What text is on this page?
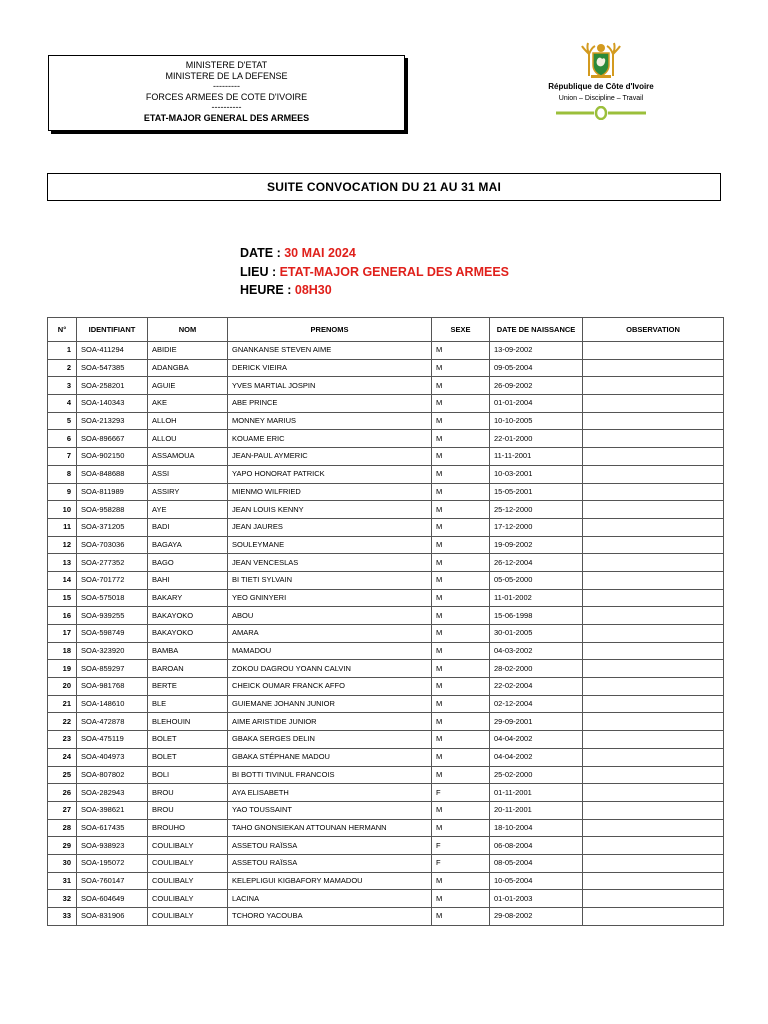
MINISTERE D'ETAT
MINISTERE DE LA DEFENSE
---------
FORCES ARMEES DE COTE D'IVOIRE
----------
ETAT-MAJOR GENERAL DES ARMEES
République de Côte d'Ivoire
Union – Discipline – Travail
SUITE CONVOCATION DU 21 AU 31 MAI
DATE : 30 MAI 2024
LIEU : ETAT-MAJOR GENERAL DES ARMEES
HEURE : 08H30
N°	IDENTIFIANT	NOM	PRENOMS	SEXE	DATE DE NAISSANCE	OBSERVATION
1	SOA-411294	ABIDIE	GNANKANSE STEVEN AIME	M	13-09-2002	
2	SOA-547385	ADANGBA	DERICK VIEIRA	M	09-05-2004	
3	SOA-258201	AGUIE	YVES MARTIAL JOSPIN	M	26-09-2002	
4	SOA-140343	AKE	ABE PRINCE	M	01-01-2004	
5	SOA-213293	ALLOH	MONNEY MARIUS	M	10-10-2005	
6	SOA-896667	ALLOU	KOUAME ERIC	M	22-01-2000	
7	SOA-902150	ASSAMOUA	JEAN-PAUL AYMERIC	M	11-11-2001	
8	SOA-848688	ASSI	YAPO HONORAT PATRICK	M	10-03-2001	
9	SOA-811989	ASSIRY	MIENMO WILFRIED	M	15-05-2001	
10	SOA-958288	AYE	JEAN LOUIS KENNY	M	25-12-2000	
11	SOA-371205	BADI	JEAN JAURES	M	17-12-2000	
12	SOA-703036	BAGAYA	SOULEYMANE	M	19-09-2002	
13	SOA-277352	BAGO	JEAN VENCESLAS	M	26-12-2004	
14	SOA-701772	BAHI	BI TIETI SYLVAIN	M	05-05-2000	
15	SOA-575018	BAKARY	YEO GNINYERI	M	11-01-2002	
16	SOA-939255	BAKAYOKO	ABOU	M	15-06-1998	
17	SOA-598749	BAKAYOKO	AMARA	M	30-01-2005	
18	SOA-323920	BAMBA	MAMADOU	M	04-03-2002	
19	SOA-859297	BAROAN	ZOKOU DAGROU YOANN CALVIN	M	28-02-2000	
20	SOA-981768	BERTE	CHEICK OUMAR FRANCK AFFO	M	22-02-2004	
21	SOA-148610	BLE	GUIEMANE JOHANN JUNIOR	M	02-12-2004	
22	SOA-472878	BLEHOUIN	AIME ARISTIDE JUNIOR	M	29-09-2001	
23	SOA-475119	BOLET	GBAKA SERGES DELIN	M	04-04-2002	
24	SOA-404973	BOLET	GBAKA STÉPHANE MADOU	M	04-04-2002	
25	SOA-807802	BOLI	BI BOTTI TIVINUL FRANCOIS	M	25-02-2000	
26	SOA-282943	BROU	AYA ELISABETH	F	01-11-2001	
27	SOA-398621	BROU	YAO TOUSSAINT	M	20-11-2001	
28	SOA-617435	BROUHO	TAHO GNONSIEKAN ATTOUNAN HERMANN	M	18-10-2004	
29	SOA-938923	COULIBALY	ASSETOU RAÏSSA	F	06-08-2004	
30	SOA-195072	COULIBALY	ASSETOU RAÏSSA	F	08-05-2004	
31	SOA-760147	COULIBALY	KELEPLIGUI KIGBAFORY MAMADOU	M	10-05-2004	
32	SOA-604649	COULIBALY	LACINA	M	01-01-2003	
33	SOA-831906	COULIBALY	TCHORO YACOUBA	M	29-08-2002	
